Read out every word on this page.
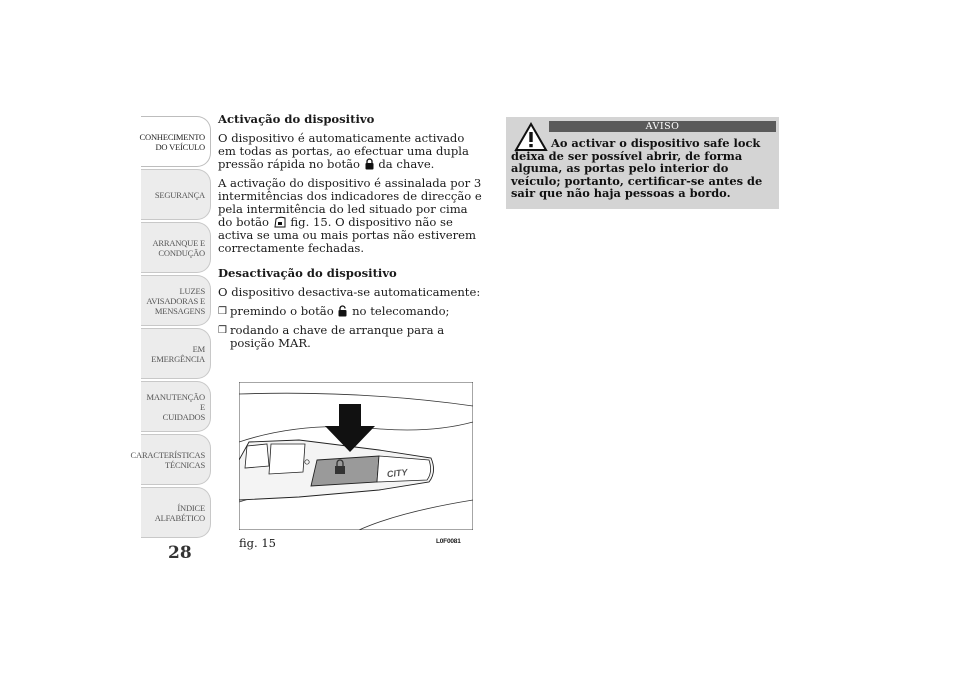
CONHECIMENTO
DO VEÍCULO
SEGURANÇA
ARRANQUE E
CONDUÇÃO
LUZES
AVISADORAS E
MENSAGENS
EM EMERGÊNCIA
MANUTENÇÃO E
CUIDADOS
CARACTERÍSTICAS
TÉCNICAS
ÍNDICE
ALFABÉTICO
28
Activação do dispositivo

O dispositivo é automaticamente activado em todas as portas, ao efectuar uma dupla pressão rápida no botão da chave.

A activação do dispositivo é assinalada por 3 intermitências dos indicadores de direcção e pela intermitência do led situado por cima do botão fig. 15. O dispositivo não se activa se uma ou mais portas não estiverem correctamente fechadas.

Desactivação do dispositivo

O dispositivo desactiva-se automaticamente:

❒ premindo o botão no telecomando;
❒ rodando a chave de arranque para a posição MAR.
AVISO
Ao activar o dispositivo safe lock deixa de ser possível abrir, de forma alguma, as portas pelo interior do veículo; portanto, certificar-se antes de sair que não haja pessoas a bordo.
CITY
fig. 15	L0F0081
